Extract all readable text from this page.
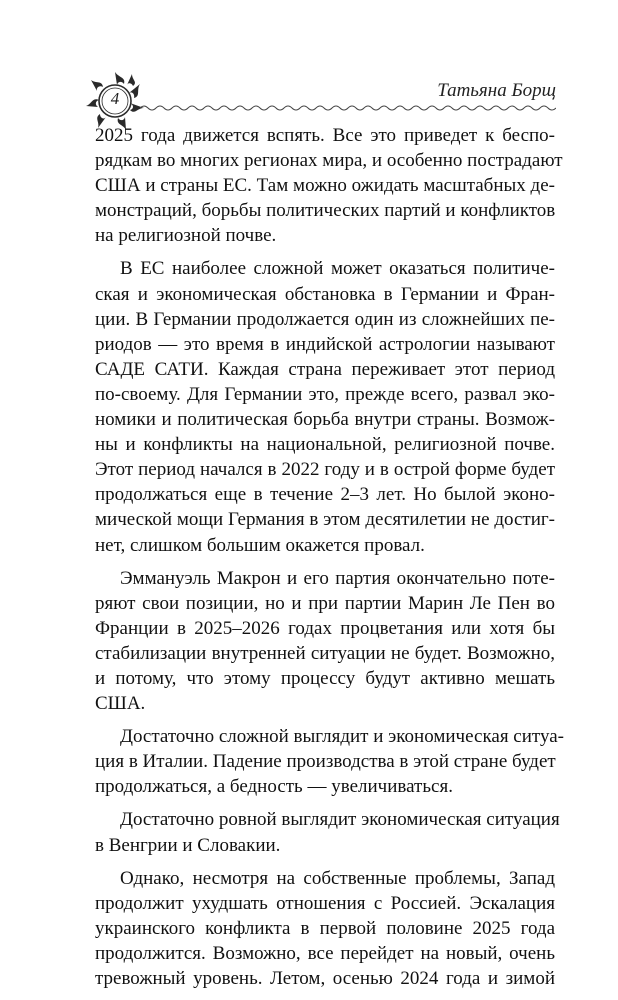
4	Татьяна Борщ
2025 года движется вспять. Все это приведет к беспо-
рядкам во многих регионах мира, и особенно пострадают
США и страны ЕС. Там можно ожидать масштабных де-
монстраций, борьбы политических партий и конфликтов
на религиозной почве.
В ЕС наиболее сложной может оказаться политиче-
ская и экономическая обстановка в Германии и Фран-
ции. В Германии продолжается один из сложнейших пе-
риодов — это время в индийской астрологии называют
САДЕ САТИ. Каждая страна переживает этот период
по-своему. Для Германии это, прежде всего, развал эко-
номики и политическая борьба внутри страны. Возмож-
ны и конфликты на национальной, религиозной почве.
Этот период начался в 2022 году и в острой форме будет
продолжаться еще в течение 2–3 лет. Но былой эконо-
мической мощи Германия в этом десятилетии не достиг-
нет, слишком большим окажется провал.
Эммануэль Макрон и его партия окончательно поте-
ряют свои позиции, но и при партии Марин Ле Пен во
Франции в 2025–2026 годах процветания или хотя бы
стабилизации внутренней ситуации не будет. Возможно,
и потому, что этому процессу будут активно мешать
США.
Достаточно сложной выглядит и экономическая ситуа-
ция в Италии. Падение производства в этой стране будет
продолжаться, а бедность — увеличиваться.
Достаточно ровной выглядит экономическая ситуация
в Венгрии и Словакии.
Однако, несмотря на собственные проблемы, Запад
продолжит ухудшать отношения с Россией. Эскалация
украинского конфликта в первой половине 2025 года
продолжится. Возможно, все перейдет на новый, очень
тревожный уровень. Летом, осенью 2024 года и зимой
